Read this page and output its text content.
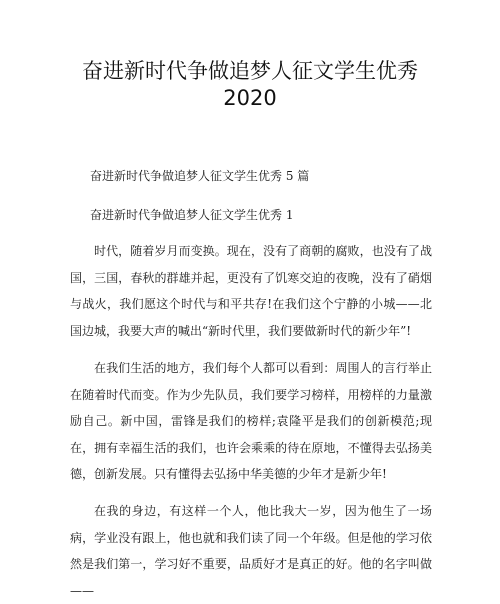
奋进新时代争做追梦人征文学生优秀
2020

奋进新时代争做追梦人征文学生优秀 5 篇

奋进新时代争做追梦人征文学生优秀 1

时代，随着岁月而变换。现在，没有了商朝的腐败，也没有了战国，三国，春秋的群雄并起，更没有了饥寒交迫的夜晚，没有了硝烟与战火，我们愿这个时代与和平共存!在我们这个宁静的小城——北国边城，我要大声的喊出“新时代里，我们要做新时代的新少年”!

在我们生活的地方，我们每个人都可以看到：周围人的言行举止在随着时代而变。作为少先队员，我们要学习榜样，用榜样的力量激励自己。新中国，雷锋是我们的榜样;袁隆平是我们的创新模范;现在，拥有幸福生活的我们，也许会乘乘的待在原地，不懂得去弘扬美德，创新发展。只有懂得去弘扬中华美德的少年才是新少年!

在我的身边，有这样一个人，他比我大一岁，因为他生了一场病，学业没有跟上，他也就和我们读了同一个年级。但是他的学习依然是我们第一，学习好不重要，品质好才是真正的好。他的名字叫做——
